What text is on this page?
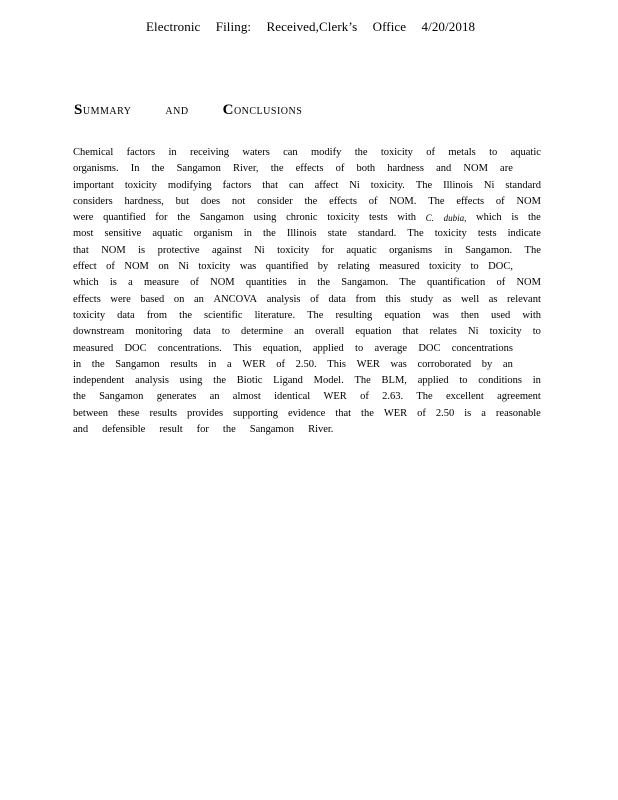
Electronic Filing: Received,Clerk’s Office 4/20/2018
SUMMARY	AND CONCLUSIONS
Chemical factors in receiving waters can modify the toxicity of metals to aquatic
organisms. In the Sangamon River, the effects of both hardness and NOM are
important toxicity modifying factors that can affect Ni toxicity. The Illinois Ni standard
considers hardness, but does not consider the effects of NOM. The effects of NOM
were quantified for the Sangamon using chronic toxicity tests with C. dubia, which is the
most sensitive aquatic organism in the Illinois state standard. The toxicity tests indicate
that NOM is protective against Ni toxicity for aquatic organisms in Sangamon. The
effect of NOM on Ni toxicity was quantified by relating measured toxicity to DOC,
which is a measure of NOM quantities in the Sangamon. The quantification of NOM
effects were based on an ANCOVA analysis of data from this study as well as relevant
toxicity data from the scientific literature. The resulting equation was then used with
downstream monitoring data to determine an overall equation that relates Ni toxicity to
measured DOC concentrations. This equation, applied to average DOC concentrations
in the Sangamon results in a WER of 2.50. This WER was corroborated by an
independent analysis using the Biotic Ligand Model. The BLM, applied to conditions in
the Sangamon generates an almost identical WER of 2.63. The excellent agreement
between these results provides supporting evidence that the WER of 2.50 is a reasonable
and defensible result for the Sangamon River.
